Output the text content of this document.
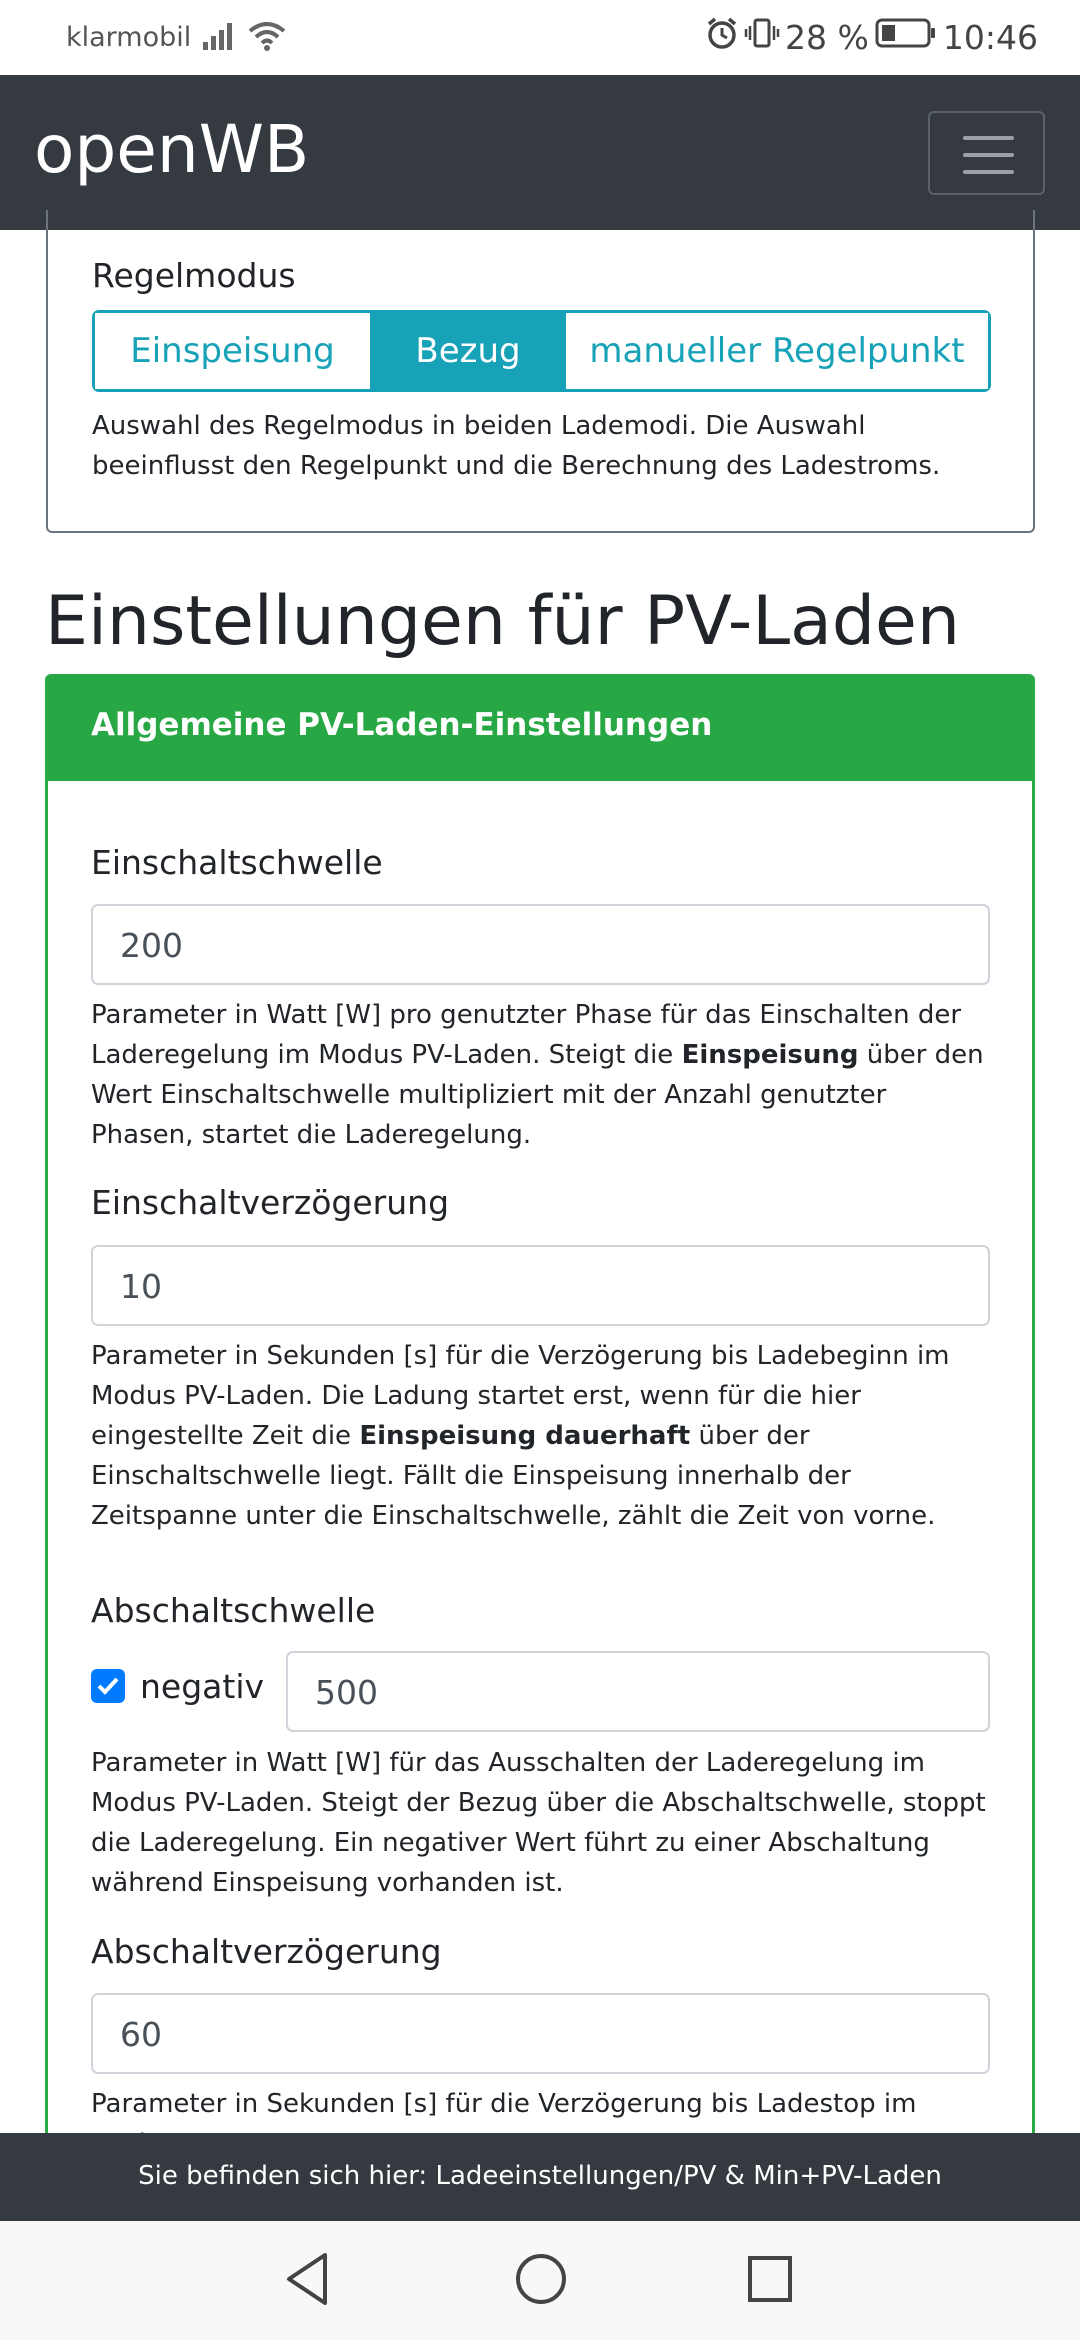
klarmobil	28 % 10:46
openWB
Regelmodus
Einspeisung	Bezug	manueller Regelpunkt
Auswahl des Regelmodus in beiden Lademodi. Die Auswahl beeinflusst den Regelpunkt und die Berechnung des Ladestroms.
Einstellungen für PV-Laden
Allgemeine PV-Laden-Einstellungen
Einschaltschwelle
200
Parameter in Watt [W] pro genutzter Phase für das Einschalten der Laderegelung im Modus PV-Laden. Steigt die Einspeisung über den Wert Einschaltschwelle multipliziert mit der Anzahl genutzter Phasen, startet die Laderegelung.
Einschaltverzögerung
10
Parameter in Sekunden [s] für die Verzögerung bis Ladebeginn im Modus PV-Laden. Die Ladung startet erst, wenn für die hier eingestellte Zeit die Einspeisung dauerhaft über der Einschaltschwelle liegt. Fällt die Einspeisung innerhalb der Zeitspanne unter die Einschaltschwelle, zählt die Zeit von vorne.
Abschaltschwelle
negativ	500
Parameter in Watt [W] für das Ausschalten der Laderegelung im Modus PV-Laden. Steigt der Bezug über die Abschaltschwelle, stoppt die Laderegelung. Ein negativer Wert führt zu einer Abschaltung während Einspeisung vorhanden ist.
Abschaltverzögerung
60
Parameter in Sekunden [s] für die Verzögerung bis Ladestop im
Sie befinden sich hier: Ladeeinstellungen/PV & Min+PV-Laden
